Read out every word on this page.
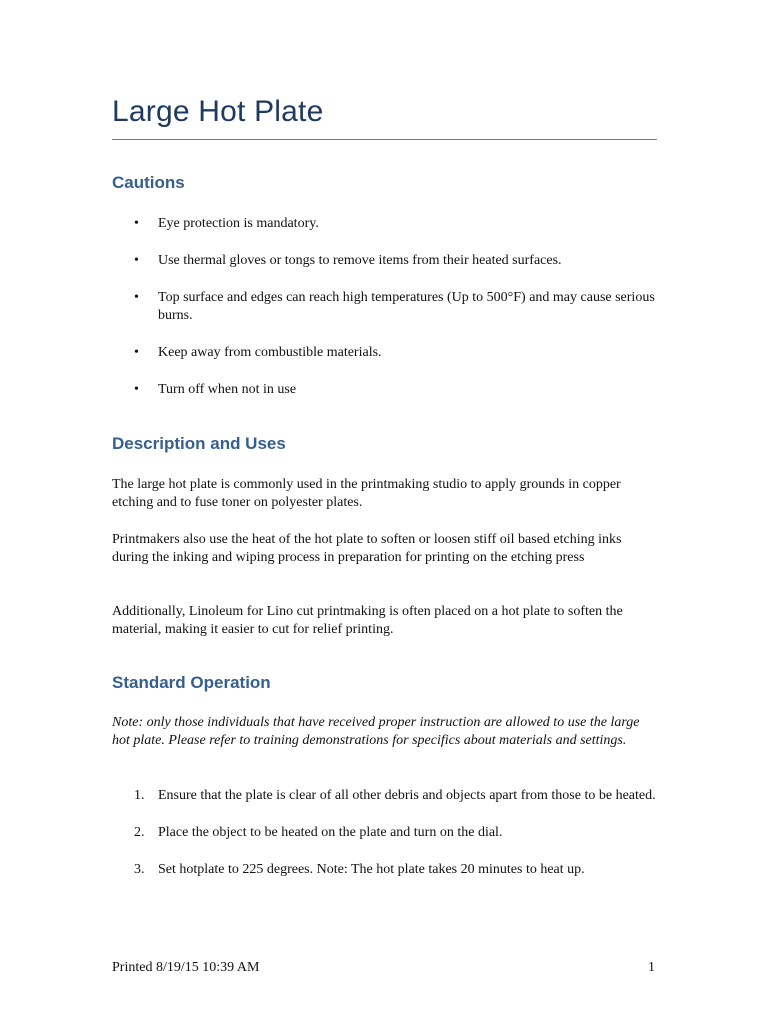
Large Hot Plate
Cautions
• Eye protection is mandatory.
• Use thermal gloves or tongs to remove items from their heated surfaces.
• Top surface and edges can reach high temperatures (Up to 500°F) and may cause serious burns.
• Keep away from combustible materials.
• Turn off when not in use
Description and Uses

The large hot plate is commonly used in the printmaking studio to apply grounds in copper etching and to fuse toner on polyester plates.

Printmakers also use the heat of the hot plate to soften or loosen stiff oil based etching inks during the inking and wiping process in preparation for printing on the etching press

Additionally, Linoleum for Lino cut printmaking is often placed on a hot plate to soften the material, making it easier to cut for relief printing.

Standard Operation

Note: only those individuals that have received proper instruction are allowed to use the large hot plate. Please refer to training demonstrations for specifics about materials and settings.

1. Ensure that the plate is clear of all other debris and objects apart from those to be heated.
2. Place the object to be heated on the plate and turn on the dial.
3. Set hotplate to 225 degrees. Note: The hot plate takes 20 minutes to heat up.
Printed 8/19/15 10:39 AM	1
